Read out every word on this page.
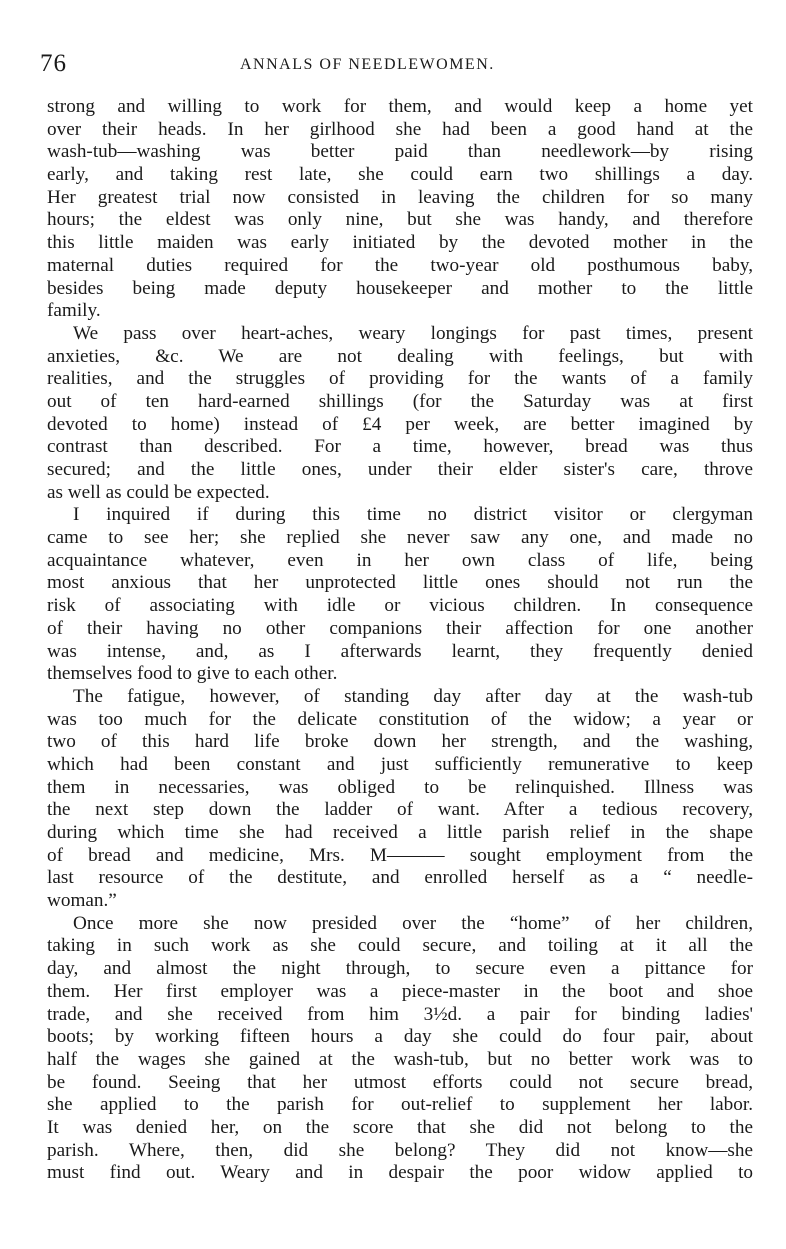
76	ANNALS OF NEEDLEWOMEN.
strong and willing to work for them, and would keep a home yet
over their heads. In her girlhood she had been a good hand at the
wash-tub—washing was better paid than needlework—by rising
early, and taking rest late, she could earn two shillings a day.
Her greatest trial now consisted in leaving the children for so many
hours; the eldest was only nine, but she was handy, and therefore
this little maiden was early initiated by the devoted mother in the
maternal duties required for the two-year old posthumous baby,
besides being made deputy housekeeper and mother to the little
family.
We pass over heart-aches, weary longings for past times, present
anxieties, &c. We are not dealing with feelings, but with
realities, and the struggles of providing for the wants of a family
out of ten hard-earned shillings (for the Saturday was at first
devoted to home) instead of £4 per week, are better imagined by
contrast than described. For a time, however, bread was thus
secured; and the little ones, under their elder sister's care, throve
as well as could be expected.
I inquired if during this time no district visitor or clergyman
came to see her; she replied she never saw any one, and made no
acquaintance whatever, even in her own class of life, being
most anxious that her unprotected little ones should not run the
risk of associating with idle or vicious children. In consequence
of their having no other companions their affection for one another
was intense, and, as I afterwards learnt, they frequently denied
themselves food to give to each other.
The fatigue, however, of standing day after day at the wash-tub
was too much for the delicate constitution of the widow; a year or
two of this hard life broke down her strength, and the washing,
which had been constant and just sufficiently remunerative to keep
them in necessaries, was obliged to be relinquished. Illness was
the next step down the ladder of want. After a tedious recovery,
during which time she had received a little parish relief in the shape
of bread and medicine, Mrs. M——— sought employment from the
last resource of the destitute, and enrolled herself as a “ needle-
woman.”
Once more she now presided over the “home” of her children,
taking in such work as she could secure, and toiling at it all the
day, and almost the night through, to secure even a pittance for
them. Her first employer was a piece-master in the boot and shoe
trade, and she received from him 3½d. a pair for binding ladies'
boots; by working fifteen hours a day she could do four pair, about
half the wages she gained at the wash-tub, but no better work was to
be found. Seeing that her utmost efforts could not secure bread,
she applied to the parish for out-relief to supplement her labor.
It was denied her, on the score that she did not belong to the
parish. Where, then, did she belong? They did not know—she
must find out. Weary and in despair the poor widow applied to
